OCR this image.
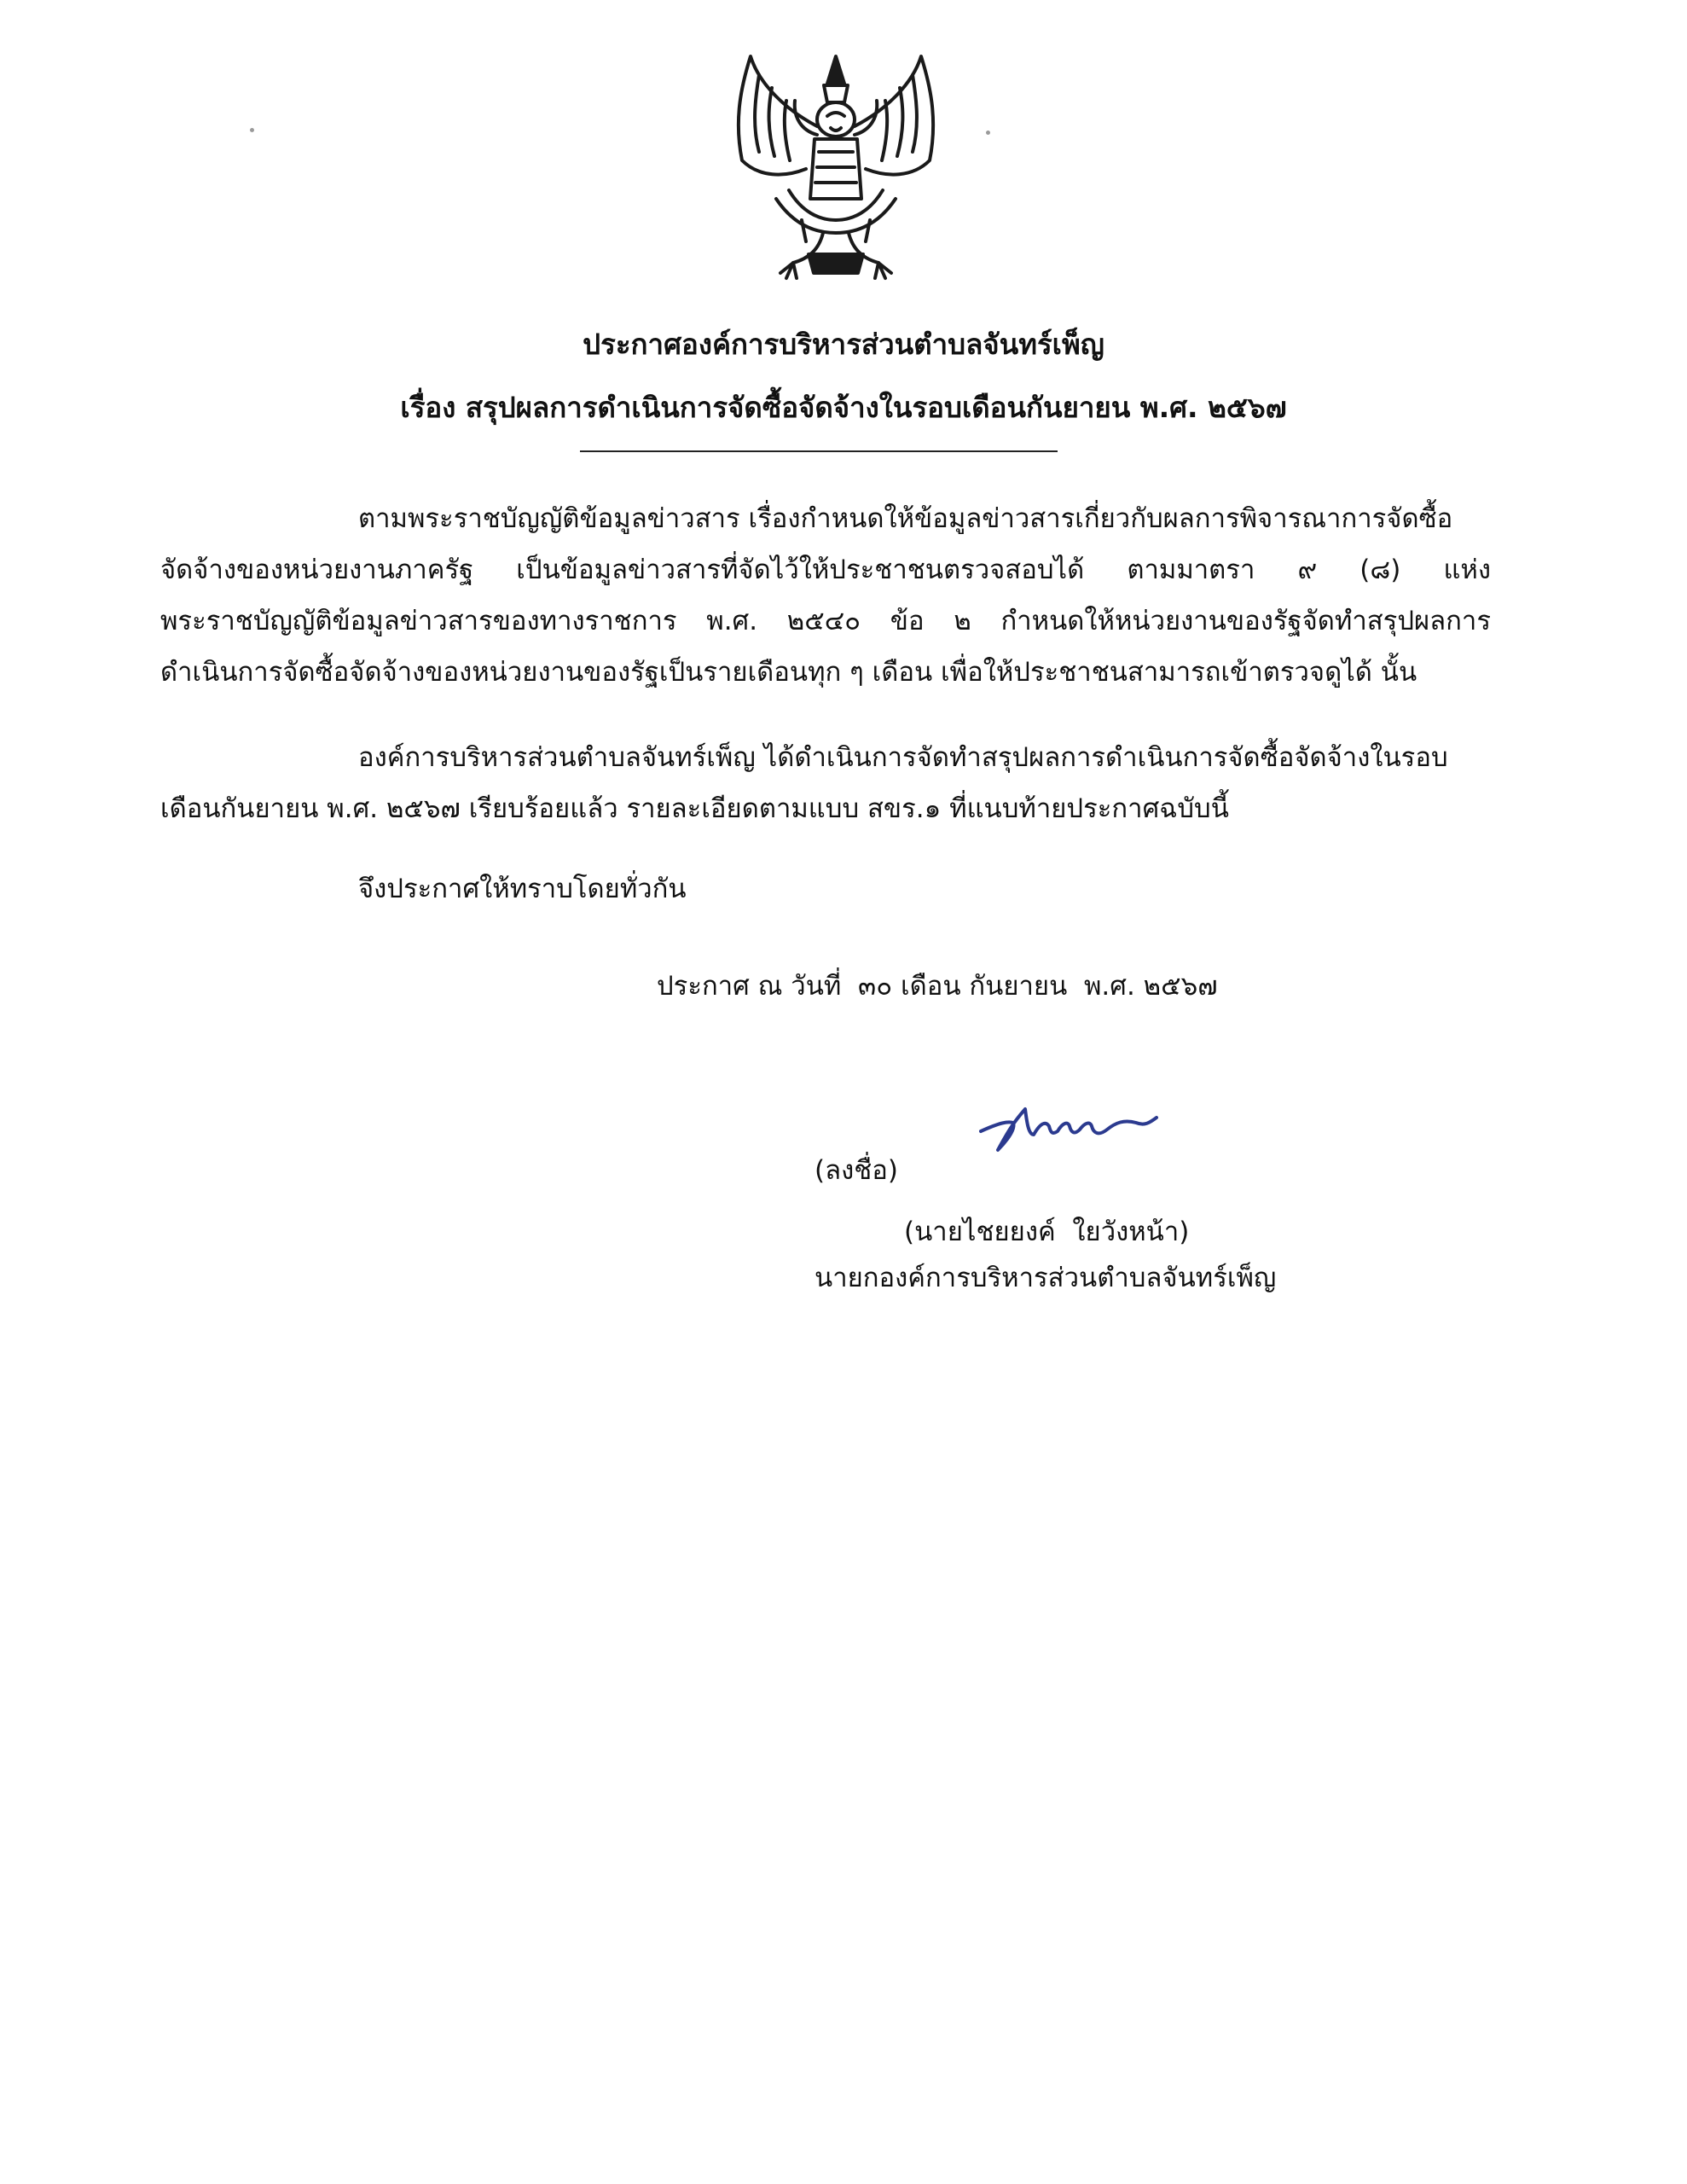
ประกาศองค์การบริหารส่วนตำบลจันทร์เพ็ญ
เรื่อง สรุปผลการดำเนินการจัดซื้อจัดจ้างในรอบเดือนกันยายน พ.ศ. ๒๕๖๗
ตามพระราชบัญญัติข้อมูลข่าวสาร เรื่องกำหนดให้ข้อมูลข่าวสารเกี่ยวกับผลการพิจารณาการจัดซื้อ
จัดจ้างของหน่วยงานภาครัฐ เป็นข้อมูลข่าวสารที่จัดไว้ให้ประชาชนตรวจสอบได้ ตามมาตรา ๙ (๘) แห่ง
พระราชบัญญัติข้อมูลข่าวสารของทางราชการ พ.ศ. ๒๕๔๐ ข้อ ๒ กำหนดให้หน่วยงานของรัฐจัดทำสรุปผลการ
ดำเนินการจัดซื้อจัดจ้างของหน่วยงานของรัฐเป็นรายเดือนทุก ๆ เดือน เพื่อให้ประชาชนสามารถเข้าตรวจดูได้ นั้น
องค์การบริหารส่วนตำบลจันทร์เพ็ญ ได้ดำเนินการจัดทำสรุปผลการดำเนินการจัดซื้อจัดจ้างในรอบ
เดือนกันยายน พ.ศ. ๒๕๖๗ เรียบร้อยแล้ว รายละเอียดตามแบบ สขร.๑ ที่แนบท้ายประกาศฉบับนี้
จึงประกาศให้ทราบโดยทั่วกัน
ประกาศ ณ วันที่  ๓๐ เดือน กันยายน  พ.ศ. ๒๕๖๗
(ลงชื่อ)
(นายไชยยงค์  ใยวังหน้า)
นายกองค์การบริหารส่วนตำบลจันทร์เพ็ญ
